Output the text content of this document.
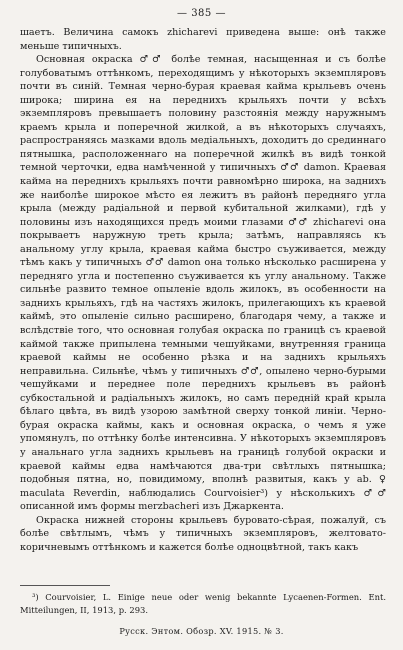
— 385 —

шаетъ. Величина самокъ zhicharevi приведена выше: онѣ также меньше типичныхъ.

Основная окраска ♂♂ болѣе темная, насыщенная и съ болѣе голубоватымъ оттѣнкомъ, переходящимъ у нѣкоторыхъ экземпляровъ почти въ синій. Темная черно-бурая краевая кайма крыльевъ очень широка; ширина ея на переднихъ крыльяхъ почти у всѣхъ экземпляровъ превышаетъ половину разстоянія между наружнымъ краемъ крыла и поперечной жилкой, а въ нѣкоторыхъ случаяхъ, распространяясь мазками вдоль медіальныхъ, доходитъ до срединнаго пятнышка, расположеннаго на поперечной жилкѣ въ видѣ тонкой темной черточки, едва намѣченной у типичныхъ ♂♂ damon. Краевая кайма на переднихъ крыльяхъ почти равномѣрно широка, на заднихъ же наиболѣе широкое мѣсто ея лежитъ въ районѣ переднягo угла крыла (между радіальной и первой кубитальной жилками), гдѣ у половины изъ находящихся предъ моими глазами ♂♂ zhicharevi она покрываетъ наружную треть крыла; затѣмъ, направляясь къ анальному углу крыла, краевая кайма быстро съуживается, между тѣмъ какъ у типичныхъ ♂♂ damon она только нѣсколько расширена у передняго угла и постепенно съуживается къ углу анальному. Также сильнѣе развито темное опыленіе вдоль жилокъ, въ особенности на заднихъ крыльяхъ, гдѣ на частяхъ жилокъ, прилегающихъ къ краевой каймѣ, это опыленіе сильно расширено, благодаря чему, а также и вслѣдствіе того, что основная голубая окраска по границѣ съ краевой каймой также припылена темными чешуйками, внутренняя граница краевой каймы не особенно рѣзка и на заднихъ крыльяхъ неправильна. Сильнѣе, чѣмъ у типичныхъ ♂♂, опылено черно-бурыми чешуйками и переднее поле переднихъ крыльевъ въ районѣ субкостальной и радіальныхъ жилокъ, но самъ передній край крыла бѣлаго цвѣта, въ видѣ узорою замѣтной сверху тонкой линіи. Черно-бурая окраска каймы, какъ и основная окраска, о чемъ я уже упомянулъ, по оттѣнку болѣе интенсивна. У нѣкоторыхъ экземпляровъ у анальнаго угла заднихъ крыльевъ на границѣ голубой окраски и краевой каймы едва намѣчаются два-три свѣтлыхъ пятнышка; подобныя пятна, но, повидимому, вполнѣ развитыя, какъ у ab. ♀ maculata Reverdin, наблюдались Courvoisier³) у нѣсколькихъ ♂♂ описанной имъ формы merzbacheri изъ Джаркента.

Окраска нижней стороны крыльевъ буровато-сѣрая, пожалуй, съ болѣе свѣтлымъ, чѣмъ у типичныхъ экземпляровъ, желтовато-коричневымъ оттѣнкомъ и кажется болѣе одноцвѣтной, такъ какъ

³) Courvoisier, L. Einige neue oder wenig bekannte Lycaenen-Formen. Ent. Mitteilungen, II, 1913, p. 293.
Русск. Энтом. Обозр. XV. 1915. № 3.
